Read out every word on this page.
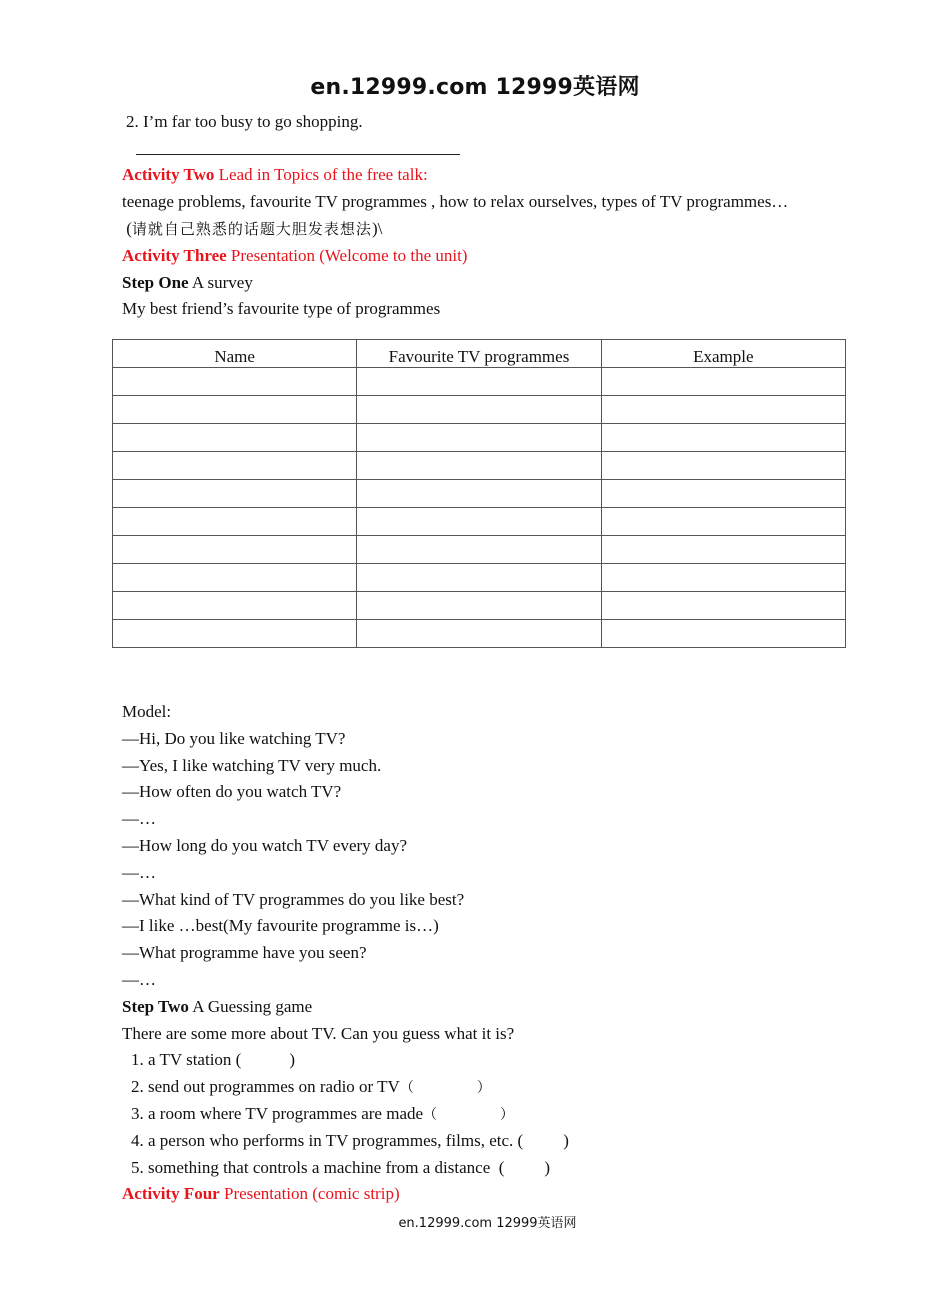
en.12999.com 12999英语网
2. I’m far too busy to go shopping.
Activity Two Lead in Topics of the free talk:
teenage problems, favourite TV programmes , how to relax ourselves, types of TV programmes…
(请就自己熟悉的话题大胆发表想法)\
Activity Three Presentation (Welcome to the unit)
Step One A survey
My best friend’s favourite type of programmes
Name	Favourite TV programmes	Example

Model:
—Hi, Do you like watching TV?
—Yes, I like watching TV very much.
—How often do you watch TV?
—…
—How long do you watch TV every day?
—…
—What kind of TV programmes do you like best?
—I like …best(My favourite programme is…)
—What programme have you seen?
—…
Step Two A Guessing game
There are some more about TV. Can you guess what it is?
1. a TV station (	)
2. send out programmes on radio or TV（	）
3. a room where TV programmes are made（	）
4. a person who performs in TV programmes, films, etc. ( )
5. something that controls a machine from a distance  ( )
Activity Four Presentation (comic strip)
en.12999.com 12999英语网
